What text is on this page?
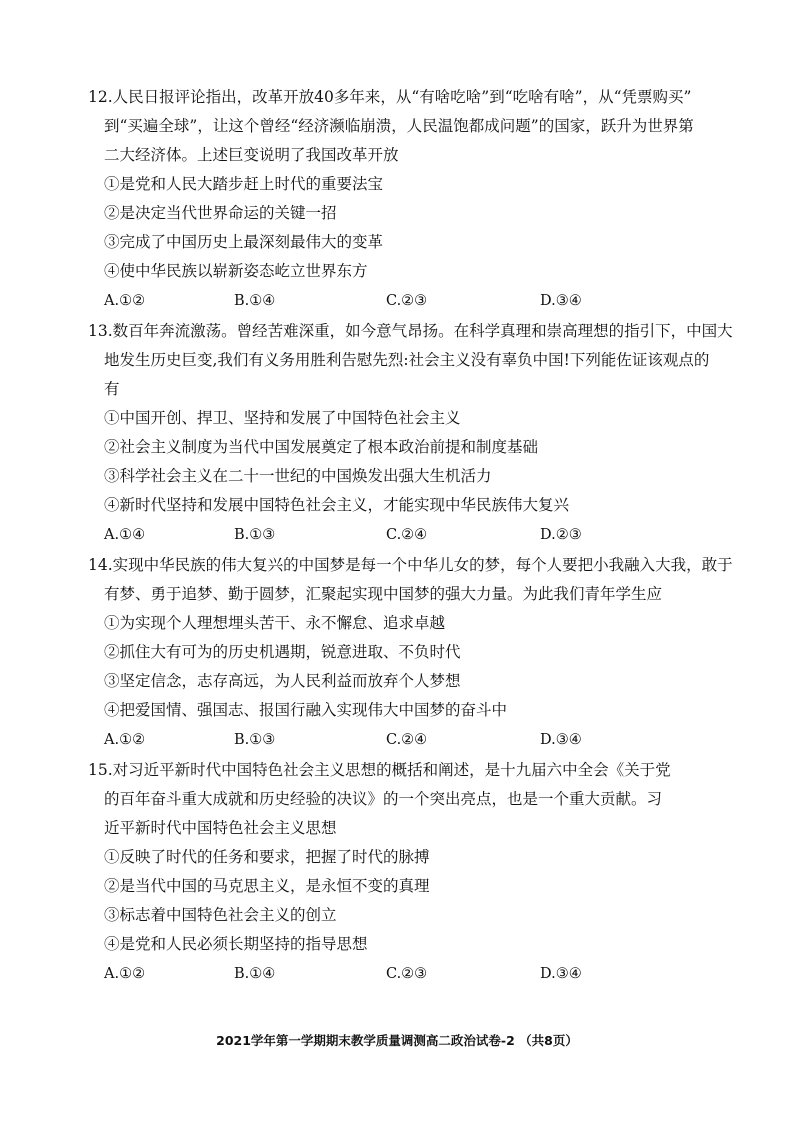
12.人民日报评论指出，改革开放40多年来，从“有啥吃啥”到“吃啥有啥”，从“凭票购买”
到“买遍全球”，让这个曾经“经济濒临崩溃，人民温饱都成问题”的国家，跃升为世界第
二大经济体。上述巨变说明了我国改革开放
①是党和人民大踏步赶上时代的重要法宝
②是决定当代世界命运的关键一招
③完成了中国历史上最深刻最伟大的变革
④使中华民族以崭新姿态屹立世界东方
A.①②	B.①④	C.②③	D.③④
13.数百年奔流激荡。曾经苦难深重，如今意气昂扬。在科学真理和崇高理想的指引下，中国大
地发生历史巨变,我们有义务用胜利告慰先烈:社会主义没有辜负中国!下列能佐证该观点的
有
①中国开创、捍卫、坚持和发展了中国特色社会主义
②社会主义制度为当代中国发展奠定了根本政治前提和制度基础
③科学社会主义在二十一世纪的中国焕发出强大生机活力
④新时代坚持和发展中国特色社会主义，才能实现中华民族伟大复兴
A.①④	B.①③	C.②④	D.②③
14.实现中华民族的伟大复兴的中国梦是每一个中华儿女的梦，每个人要把小我融入大我，敢于
有梦、勇于追梦、勤于圆梦，汇聚起实现中国梦的强大力量。为此我们青年学生应
①为实现个人理想埋头苦干、永不懈怠、追求卓越
②抓住大有可为的历史机遇期，锐意进取、不负时代
③坚定信念，志存高远，为人民利益而放弃个人梦想
④把爱国情、强国志、报国行融入实现伟大中国梦的奋斗中
A.①②	B.①③	C.②④	D.③④
15.对习近平新时代中国特色社会主义思想的概括和阐述，是十九届六中全会《关于党
的百年奋斗重大成就和历史经验的决议》的一个突出亮点，也是一个重大贡献。习
近平新时代中国特色社会主义思想
①反映了时代的任务和要求，把握了时代的脉搏
②是当代中国的马克思主义，是永恒不变的真理
③标志着中国特色社会主义的创立
④是党和人民必须长期坚持的指导思想
A.①②	B.①④	C.②③	D.③④
2021学年第一学期期末教学质量调测高二政治试卷-2 （共8页）
